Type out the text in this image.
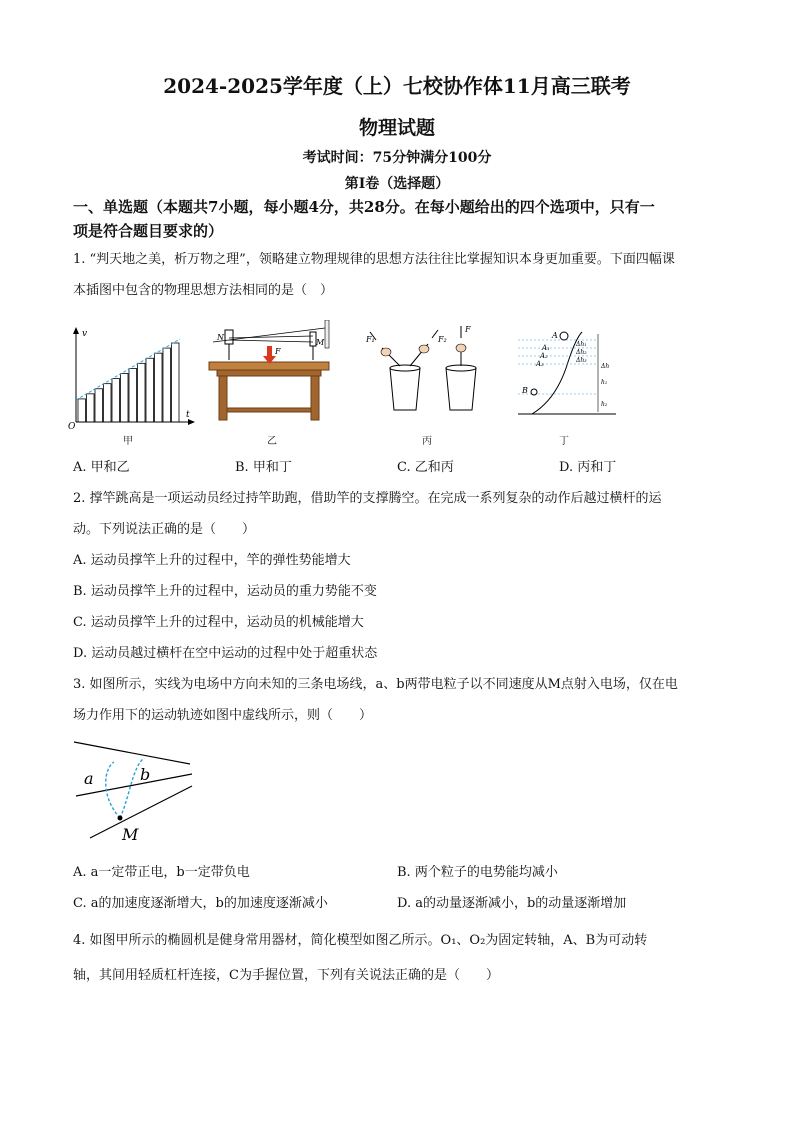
2024-2025学年度（上）七校协作体11月高三联考
物理试题
考试时间：75分钟满分100分
第Ⅰ卷（选择题）
一、单选题（本题共7小题，每小题4分，共28分。在每小题给出的四个选项中，只有一
项是符合题目要求的）
1. “判天地之美，析万物之理”，领略建立物理规律的思想方法往往比掌握知识本身更加重要。下面四幅课
本插图中包含的物理思想方法相同的是（　）
v
t
O
甲
N
M
F
乙
F₁	F₂
F
丙
A
A₁
A₂
A₃
B
Δh₁
Δh₂
Δh₃
Δh
h₁
h₂
丁
A. 甲和乙	B. 甲和丁	C. 乙和丙	D. 丙和丁
2. 撑竿跳高是一项运动员经过持竿助跑，借助竿的支撑腾空。在完成一系列复杂的动作后越过横杆的运
动。下列说法正确的是（　　）
A. 运动员撑竿上升的过程中，竿的弹性势能增大
B. 运动员撑竿上升的过程中，运动员的重力势能不变
C. 运动员撑竿上升的过程中，运动员的机械能增大
D. 运动员越过横杆在空中运动的过程中处于超重状态
3. 如图所示，实线为电场中方向未知的三条电场线，a、b两带电粒子以不同速度从M点射入电场，仅在电
场力作用下的运动轨迹如图中虚线所示，则（　　）
a	b
M
A. a一定带正电，b一定带负电	B. 两个粒子的电势能均减小
C. a的加速度逐渐增大，b的加速度逐渐减小	D. a的动量逐渐减小，b的动量逐渐增加
4. 如图甲所示的椭圆机是健身常用器材，简化模型如图乙所示。O₁、O₂为固定转轴，A、B为可动转
轴，其间用轻质杠杆连接，C为手握位置，下列有关说法正确的是（　　）
